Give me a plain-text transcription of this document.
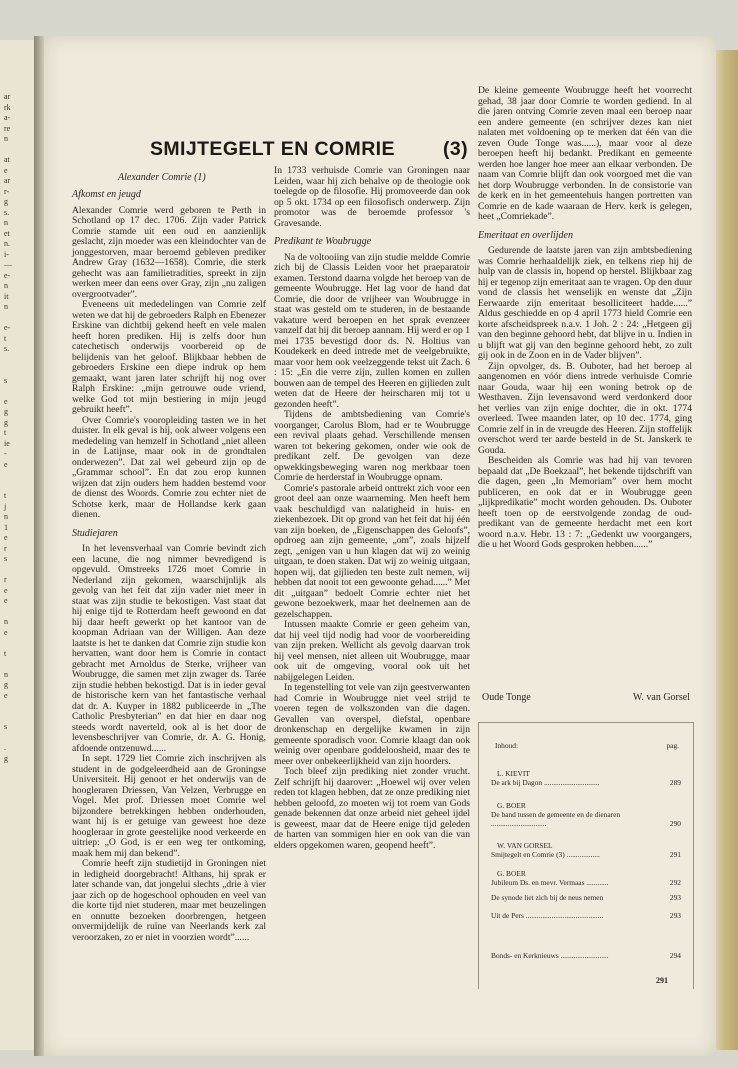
ar
rk
a-
re
n
at
e
ar
r-
g
s.
n
et
n.
i-
—
e-
n
it
n
e-
t
s.
s
e
g
g
t
ie
-
e
t
j
n
1
e
r
s
r
e
e
n
e
t
n
g
e
s
.
g
SMIJTEGELT EN COMRIE (3)
Alexander Comrie (1)
Afkomst en jeugd

Alexander Comrie werd geboren te Perth in Schotland op 17 dec. 1706. Zijn vader Patrick Comrie stamde uit een oud en aanzienlijk geslacht, zijn moeder was een kleindochter van de jonggestorven, maar beroemd gebleven prediker Andrew Gray (1632—1658). Comrie, die sterk gehecht was aan familietradities, spreekt in zijn werken meer dan eens over Gray, zijn „nu zaligen overgrootvader”.

Eveneens uit mededelingen van Comrie zelf weten we dat hij de gebroeders Ralph en Ebenezer Erskine van dichtbij gekend heeft en vele malen heeft horen prediken. Hij is zelfs door hun catechetisch onderwijs voorbereid op de belijdenis van het geloof. Blijkbaar hebben de gebroeders Erskine een diepe indruk op hem gemaakt, want jaren later schrijft hij nog over Ralph Erskine: „mijn getrouwe oude vriend, welke God tot mijn bestiering in mijn jeugd gebruikt heeft”.

Over Comrie's vooropleiding tasten we in het duister. In elk geval is hij, ook alweer volgens een mededeling van hemzelf in Schotland „niet alleen in de Latijnse, maar ook in de grondtalen onderwezen”. Dat zal wel gebeurd zijn op de „Grammar school”. En dat zou erop kunnen wijzen dat zijn ouders hem hadden bestemd voor de dienst des Woords. Comrie zou echter niet de Schotse kerk, maar de Hollandse kerk gaan dienen.

Studiejaren

In het levensverhaal van Comrie bevindt zich een lacune, die nog nimmer bevredigend is opgevuld. Omstreeks 1726 moet Comrie in Nederland zijn gekomen, waarschijnlijk als gevolg van het feit dat zijn vader niet meer in staat was zijn studie te bekostigen. Vast staat dat hij enige tijd te Rotterdam heeft gewoond en dat hij daar heeft gewerkt op het kantoor van de koopman Adriaan van der Willigen. Aan deze laatste is het te danken dat Comrie zijn studie kon hervatten, want door hem is Comrie in contact gebracht met Arnoldus de Sterke, vrijheer van Woubrugge, die samen met zijn zwager ds. Tarée zijn studie hebben bekostigd. Dat is in ieder geval de historische kern van het fantastische verhaal dat dr. A. Kuyper in 1882 publiceerde in „The Catholic Presbyterian” en dat hier en daar nog steeds wordt naverteld, ook al is het door de levensbeschrijver van Comrie, dr. A. G. Honig, afdoende ontzenuwd......

In sept. 1729 liet Comrie zich inschrijven als student in de godgeleerdheid aan de Groningse Universiteit. Hij genoot er het onderwijs van de hoogleraren Driessen, Van Velzen, Verbrugge en Vogel. Met prof. Driessen moet Comrie wel bijzondere betrekkingen hebben onderhouden, want hij is er getuige van geweest hoe deze hoogleraar in grote geestelijke nood verkeerde en uitriep: „O God, is er een weg ter ontkoming, maak hem mij dan bekend”.

Comrie heeft zijn studietijd in Groningen niet in ledigheid doorgebracht! Althans, hij sprak er later schande van, dat jongelui slechts „drie à vier jaar zich op de hogeschool ophouden en veel van die korte tijd niet studeren, maar met beuzelingen en onnutte bezoeken doorbrengen, hetgeen onvermijdelijk de ruïne van Neerlands kerk zal veroorzaken, zo er niet in voorzien wordt”......

In 1733 verhuisde Comrie van Groningen naar Leiden, waar hij zich behalve op de theologie ook toelegde op de filosofie. Hij promoveerde dan ook op 5 okt. 1734 op een filosofisch onderwerp. Zijn promotor was de beroemde professor 's Gravesande.

Predikant te Woubrugge

Na de voltooiing van zijn studie meldde Comrie zich bij de Classis Leiden voor het praeparatoir examen. Terstond daarna volgde het beroep van de gemeente Woubrugge. Het lag voor de hand dat Comrie, die door de vrijheer van Woubrugge in staat was gesteld om te studeren, in de bestaande vakature werd beroepen en het sprak evenzeer vanzelf dat hij dit beroep aannam. Hij werd er op 1 mei 1735 bevestigd door ds. N. Holtius van Koudekerk en deed intrede met de veelgebruikte, maar voor hem ook veelzeggende tekst uit Zach. 6 : 15: „En die verre zijn, zullen komen en zullen bouwen aan de tempel des Heeren en gijlieden zult weten dat de Heere der heirscharen mij tot u gezonden heeft”.

Tijdens de ambtsbediening van Comrie's voorganger, Carolus Blom, had er te Woubrugge een revival plaats gehad. Verschillende mensen waren tot bekering gekomen, onder wie ook de predikant zelf. De gevolgen van deze opwekkingsbeweging waren nog merkbaar toen Comrie de herderstaf in Woubrugge opnam.

Comrie's pastorale arbeid onttrekt zich voor een groot deel aan onze waarneming. Men heeft hem vaak beschuldigd van nalatigheid in huis- en ziekenbezoek. Dit op grond van het feit dat hij één van zijn boeken, de „Eigenschappen des Geloofs”, opdroeg aan zijn gemeente, „om”, zoals hijzelf zegt, „enigen van u hun klagen dat wij zo weinig uitgaan, te doen staken. Dat wij zo weinig uitgaan, hopen wij, dat gijlieden ten beste zult nemen, wij hebben dat nooit tot een gewoonte gehad......” Met dit „uitgaan” bedoelt Comrie echter niet het gewone bezoekwerk, maar het deelnemen aan de gezelschappen.

Intussen maakte Comrie er geen geheim van, dat hij veel tijd nodig had voor de voorbereiding van zijn preken. Wellicht als gevolg daarvan trok hij veel mensen, niet alleen uit Woubrugge, maar ook uit de omgeving, vooral ook uit het nabijgelegen Leiden.

In tegenstelling tot vele van zijn geestverwanten had Comrie in Woubrugge niet veel strijd te voeren tegen de volkszonden van die dagen. Gevallen van overspel, diefstal, openbare dronkenschap en dergelijke kwamen in zijn gemeente sporadisch voor. Comrie klaagt dan ook weinig over openbare goddeloosheid, maar des te meer over onbekeerlijkheid van zijn hoorders.

Toch bleef zijn prediking niet zonder vrucht. Zelf schrijft hij daarover: „Hoewel wij over velen reden tot klagen hebben, dat ze onze prediking niet hebben geloofd, zo moeten wij tot roem van Gods genade bekennen dat onze arbeid niet geheel ijdel is geweest, maar dat de Heere enige tijd geleden de harten van sommigen hier en ook van die van elders opgekomen waren, geopend heeft”.

De kleine gemeente Woubrugge heeft het voorrecht gehad, 38 jaar door Comrie te worden gediend. In al die jaren ontving Comrie zeven maal een beroep naar een andere gemeente (en schrijver dezes kan niet nalaten met voldoening op te merken dat één van die zeven Oude Tonge was......), maar voor al deze beroepen heeft hij bedankt. Predikant en gemeente werden hoe langer hoe meer aan elkaar verbonden. De naam van Comrie blijft dan ook voorgoed met die van het dorp Woubrugge verbonden. In de consistorie van de kerk en in het gemeentehuis hangen portretten van Comrie en de kade waaraan de Herv. kerk is gelegen, heet „Comriekade”.

Emeritaat en overlijden

Gedurende de laatste jaren van zijn ambtsbediening was Comrie herhaaldelijk ziek, en telkens riep hij de hulp van de classis in, hopend op herstel. Blijkbaar zag hij er tegenop zijn emeritaat aan te vragen. Op den duur vond de classis het wenselijk en wenste dat „Zijn Eerwaarde zijn emeritaat besolliciteert hadde......” Aldus geschiedde en op 4 april 1773 hield Comrie een korte afscheidspreek n.a.v. 1 Joh. 2 : 24: „Hetgeen gij van den beginne gehoord hebt, dat blijve in u. Indien in u blijft wat gij van den beginne gehoord hebt, zo zult gij ook in de Zoon en in de Vader blijven”.

Zijn opvolger, ds. B. Ouboter, had het beroep al aangenomen en vóór diens intrede verhuisde Comrie naar Gouda, waar hij een woning betrok op de Westhaven. Zijn levensavond werd verdonkerd door het verlies van zijn enige dochter, die in okt. 1774 overleed. Twee maanden later, op 10 dec. 1774, ging Comrie zelf in in de vreugde des Heeren. Zijn stoffelijk overschot werd ter aarde besteld in de St. Janskerk te Gouda.

Bescheiden als Comrie was had hij van tevoren bepaald dat „De Boekzaal”, het bekende tijdschrift van die dagen, geen „In Memoriam” over hem mocht publiceren, en ook dat er in Woubrugge geen „lijkpredikatie” mocht worden gehouden. Ds. Ouboter heeft toen op de eerstvolgende zondag de oud-predikant van de gemeente herdacht met een kort woord n.a.v. Hebr. 13 : 7: „Gedenkt uw voorgangers, die u het Woord Gods gesproken hebben......”

Oude Tonge	W. van Gorsel
Inhoud:	pag.
L. KIEVIT
De ark bij Dagon ..............................	289
G. BOER
De band tussen de gemeente en de dienaren ..............................	290
W. VAN GORSEL
Smijtegelt en Comrie (3) ..................	291
G. BOER
Jubileum Ds. en mevr. Vermaas ............	292
De synode liet zich bij de neus nemen	293
Uit de Pers ..........................................	293
Bonds- en Kerknieuws ..........................	294
291
